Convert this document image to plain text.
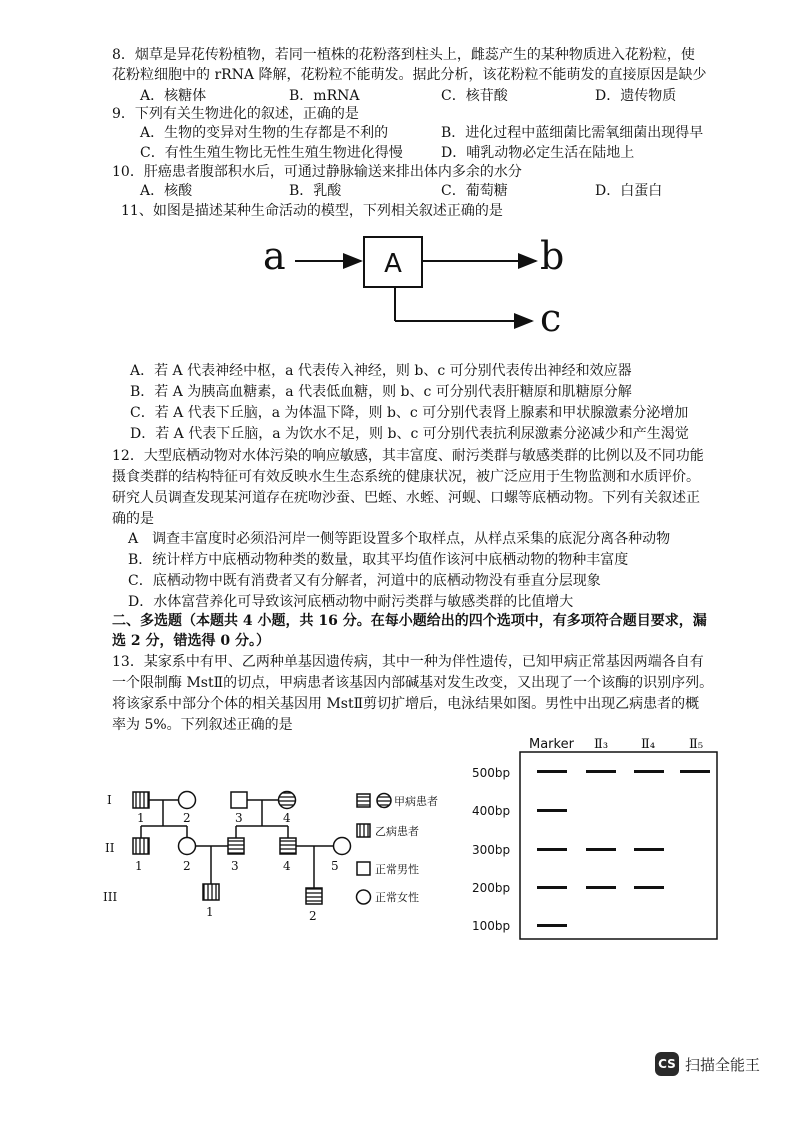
8．烟草是异花传粉植物，若同一植株的花粉落到柱头上，雌蕊产生的某种物质进入花粉粒，使
花粉粒细胞中的 rRNA 降解，花粉粒不能萌发。据此分析，该花粉粒不能萌发的直接原因是缺少
A．核糖体	B．mRNA	C．核苷酸	D．遗传物质
9．下列有关生物进化的叙述，正确的是
A．生物的变异对生物的生存都是不利的	B．进化过程中蓝细菌比需氧细菌出现得早
C．有性生殖生物比无性生殖生物进化得慢	D．哺乳动物必定生活在陆地上
10．肝癌患者腹部积水后，可通过静脉输送来排出体内多余的水分
A．核酸	B．乳酸	C．葡萄糖	D．白蛋白
11、如图是描述某种生命活动的模型，下列相关叙述正确的是
a	A	b
c
A．若 A 代表神经中枢，a 代表传入神经，则 b、c 可分别代表传出神经和效应器
B．若 A 为胰高血糖素，a 代表低血糖，则 b、c 可分别代表肝糖原和肌糖原分解
C．若 A 代表下丘脑，a 为体温下降，则 b、c 可分别代表肾上腺素和甲状腺激素分泌增加
D．若 A 代表下丘脑，a 为饮水不足，则 b、c 可分别代表抗利尿激素分泌减少和产生渴觉
12．大型底栖动物对水体污染的响应敏感，其丰富度、耐污类群与敏感类群的比例以及不同功能
摄食类群的结构特征可有效反映水生生态系统的健康状况，被广泛应用于生物监测和水质评价。
研究人员调查发现某河道存在疣吻沙蚕、巴蛭、水蛭、河蚬、口螺等底栖动物。下列有关叙述正
确的是
A　调查丰富度时必须沿河岸一侧等距设置多个取样点，从样点采集的底泥分离各种动物
B．统计样方中底栖动物种类的数量，取其平均值作该河中底栖动物的物种丰富度
C．底栖动物中既有消费者又有分解者，河道中的底栖动物没有垂直分层现象
D．水体富营养化可导致该河底栖动物中耐污类群与敏感类群的比值增大
二、多选题（本题共 4 小题，共 16 分。在每小题给出的四个选项中，有多项符合题目要求，漏
选 2 分，错选得 0 分。）
13．某家系中有甲、乙两种单基因遗传病，其中一种为伴性遗传，已知甲病正常基因两端各自有
一个限制酶 MstⅡ的切点，甲病患者该基因内部碱基对发生改变，又出现了一个该酶的识别序列。
将该家系中部分个体的相关基因用 MstⅡ剪切扩增后，电泳结果如图。男性中出现乙病患者的概
率为 5%。下列叙述正确的是
I
II
III
1	2	3	4
1	2	3	4	5
1	2
甲病患者
乙病患者
正常男性
正常女性
Marker Ⅱ₃	Ⅱ₄	Ⅱ₅
500bp
400bp
300bp
200bp
100bp
CS 扫描全能王
